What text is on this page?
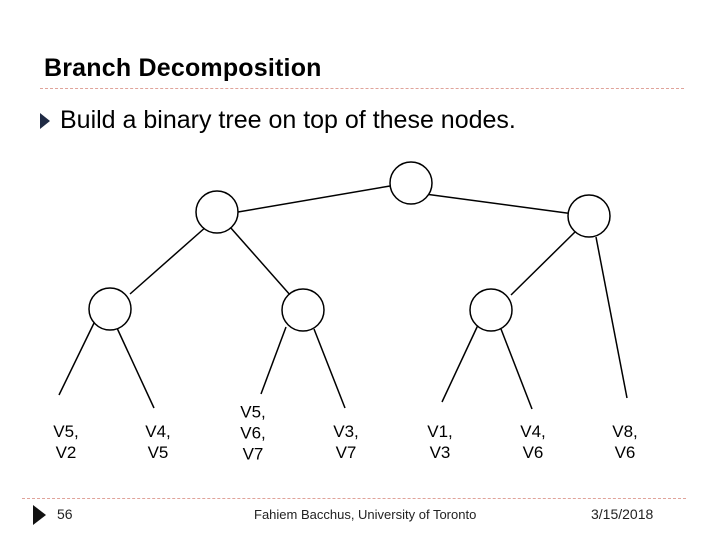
Branch Decomposition
Build a binary tree on top of these nodes.
V5,
V2
V4,
V5
V5,
V6,
V7
V3,
V7
V1,
V3
V4,
V6
V8,
V6
56	Fahiem Bacchus, University of Toronto	3/15/2018
